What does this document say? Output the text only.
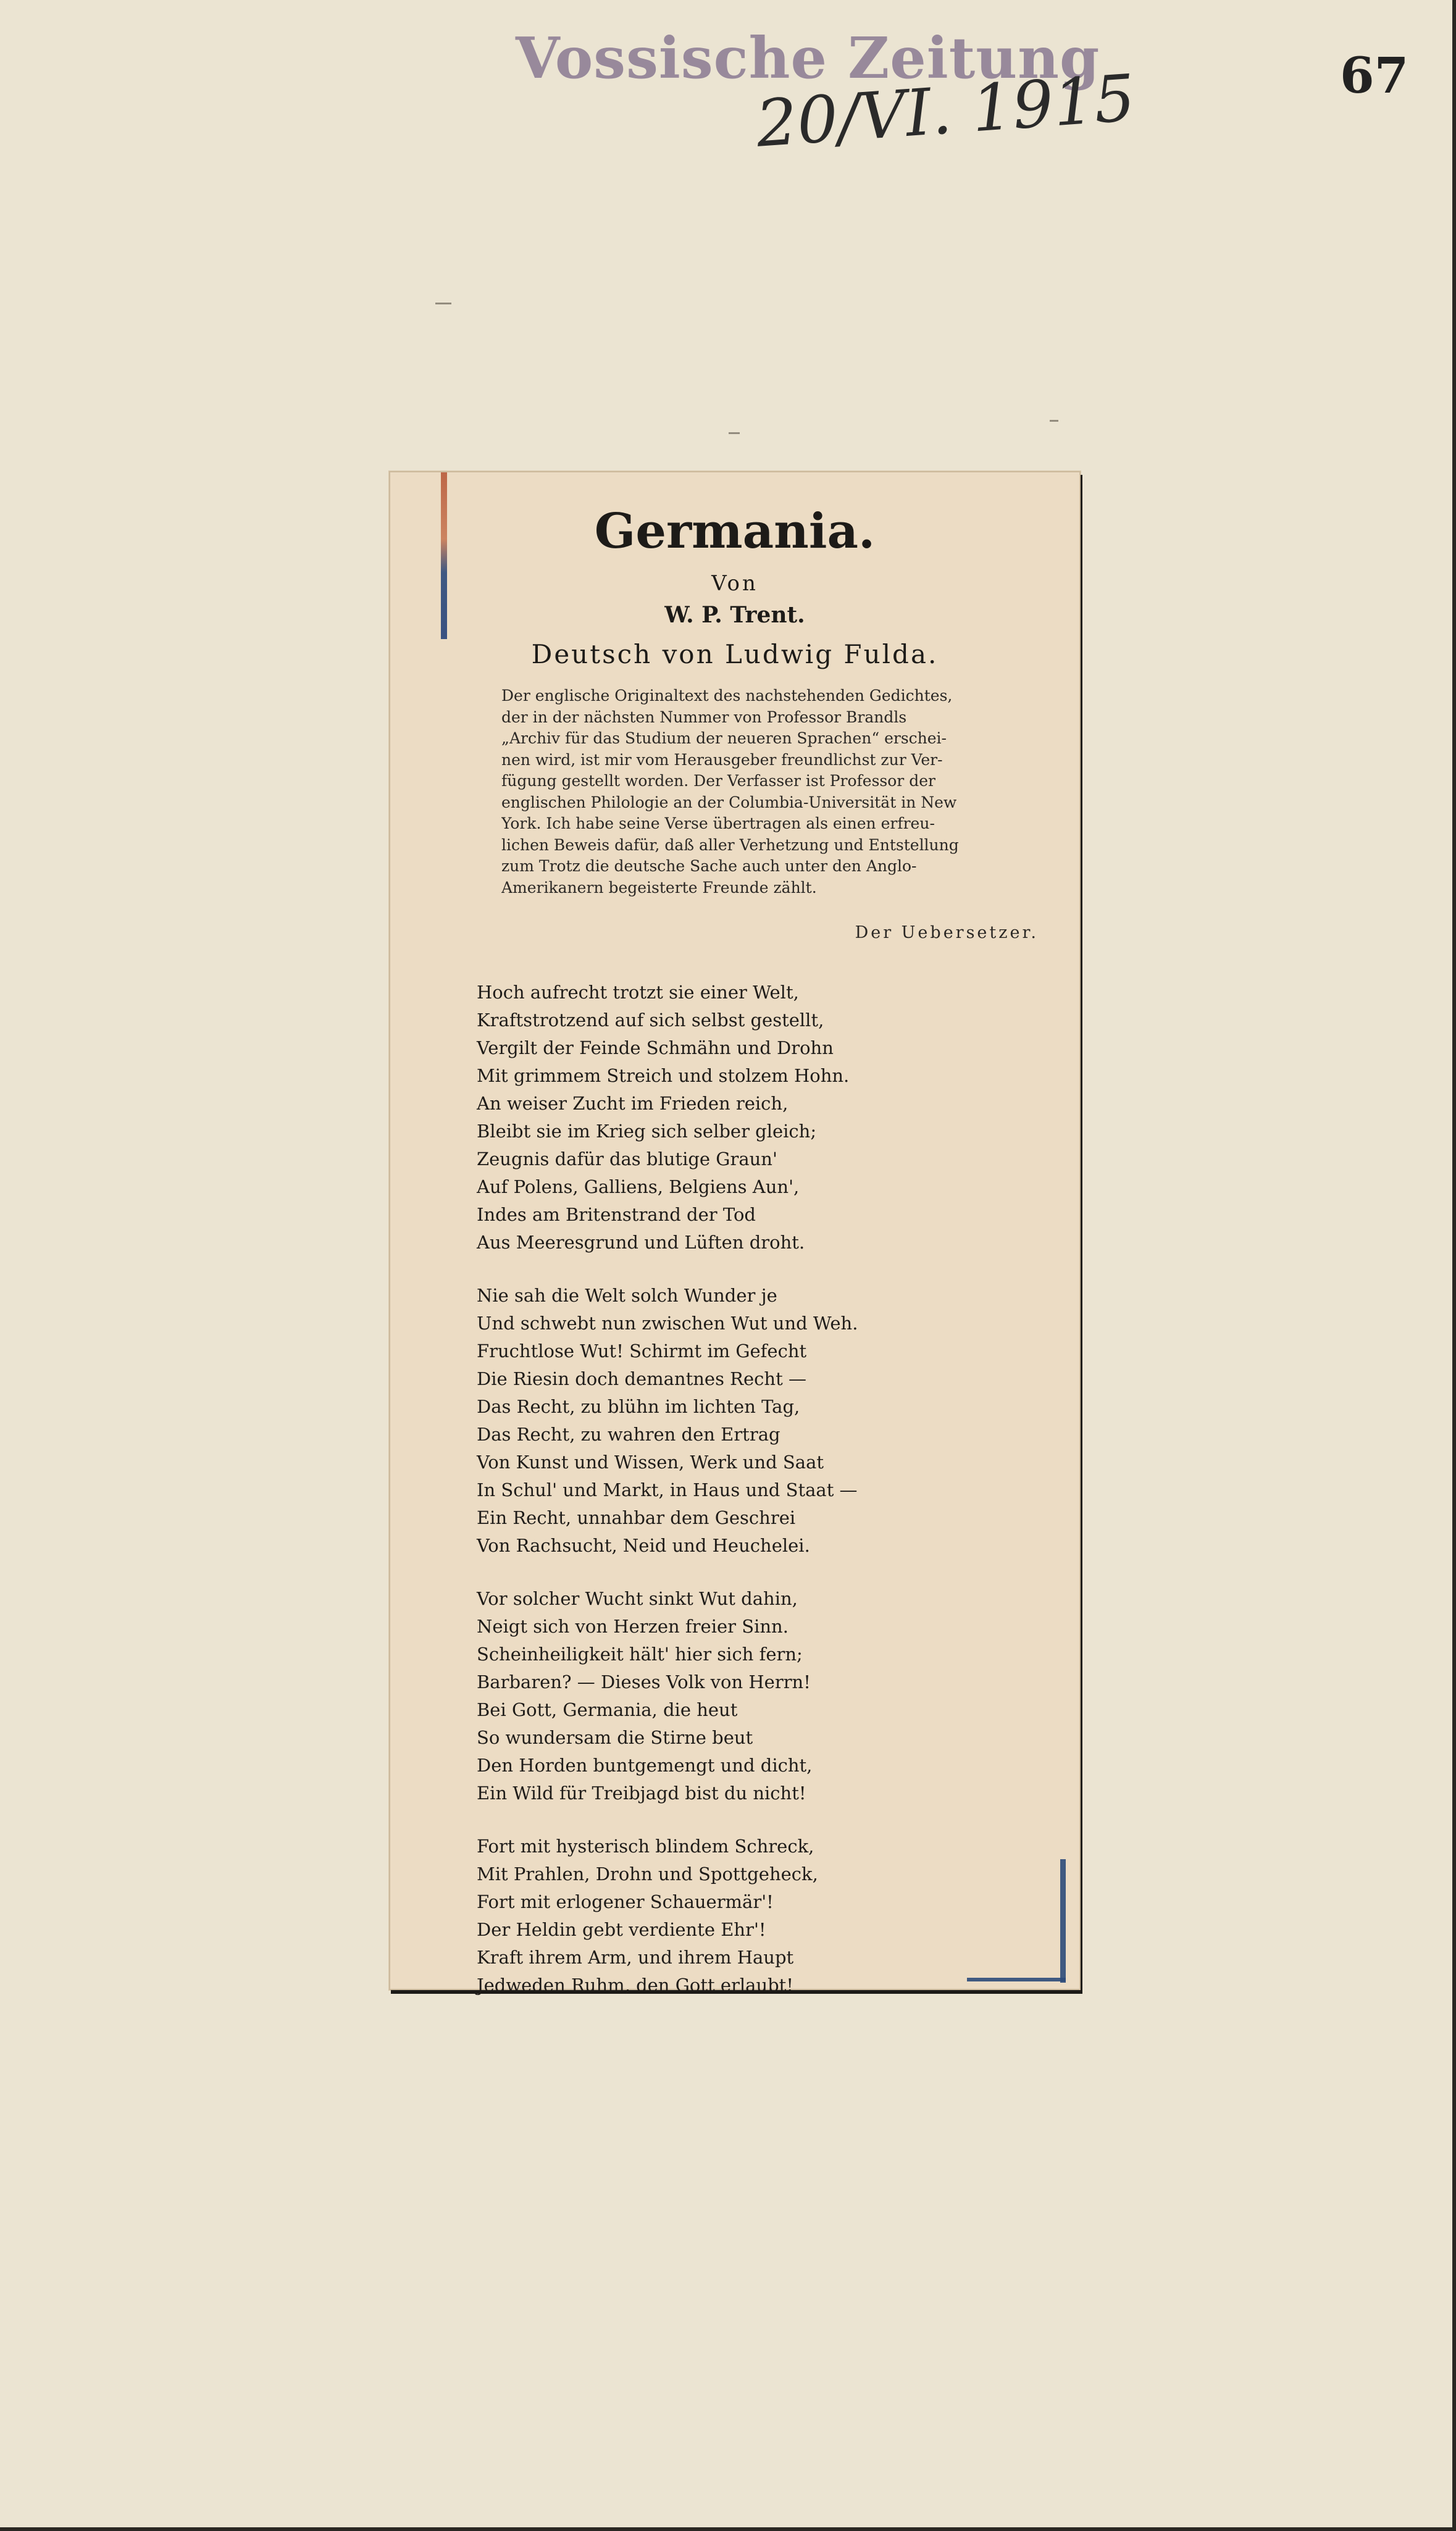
Vossische Zeitung
20/VI. 1915	67
Germania.
Von
W. P. Trent.
Deutsch von Ludwig Fulda.
Der englische Originaltext des nachstehenden Gedichtes,
der in der nächsten Nummer von Professor Brandls
„Archiv für das Studium der neueren Sprachen“ erschei-
nen wird, ist mir vom Herausgeber freundlichst zur Ver-
fügung gestellt worden. Der Verfasser ist Professor der
englischen Philologie an der Columbia-Universität in New
York. Ich habe seine Verse übertragen als einen erfreu-
lichen Beweis dafür, daß aller Verhetzung und Entstellung
zum Trotz die deutsche Sache auch unter den Anglo-
Amerikanern begeisterte Freunde zählt.
Der Uebersetzer.
Hoch aufrecht trotzt sie einer Welt,
Kraftstrotzend auf sich selbst gestellt,
Vergilt der Feinde Schmähn und Drohn
Mit grimmem Streich und stolzem Hohn.
An weiser Zucht im Frieden reich,
Bleibt sie im Krieg sich selber gleich;
Zeugnis dafür das blutige Graun'
Auf Polens, Galliens, Belgiens Aun',
Indes am Britenstrand der Tod
Aus Meeresgrund und Lüften droht.
Nie sah die Welt solch Wunder je
Und schwebt nun zwischen Wut und Weh.
Fruchtlose Wut! Schirmt im Gefecht
Die Riesin doch demantnes Recht —
Das Recht, zu blühn im lichten Tag,
Das Recht, zu wahren den Ertrag
Von Kunst und Wissen, Werk und Saat
In Schul' und Markt, in Haus und Staat —
Ein Recht, unnahbar dem Geschrei
Von Rachsucht, Neid und Heuchelei.
Vor solcher Wucht sinkt Wut dahin,
Neigt sich von Herzen freier Sinn.
Scheinheiligkeit hält' hier sich fern;
Barbaren? — Dieses Volk von Herrn!
Bei Gott, Germania, die heut
So wundersam die Stirne beut
Den Horden buntgemengt und dicht,
Ein Wild für Treibjagd bist du nicht!
Fort mit hysterisch blindem Schreck,
Mit Prahlen, Drohn und Spottgeheck,
Fort mit erlogener Schauermär'!
Der Heldin gebt verdiente Ehr'!
Kraft ihrem Arm, und ihrem Haupt
Jedweden Ruhm, den Gott erlaubt!
